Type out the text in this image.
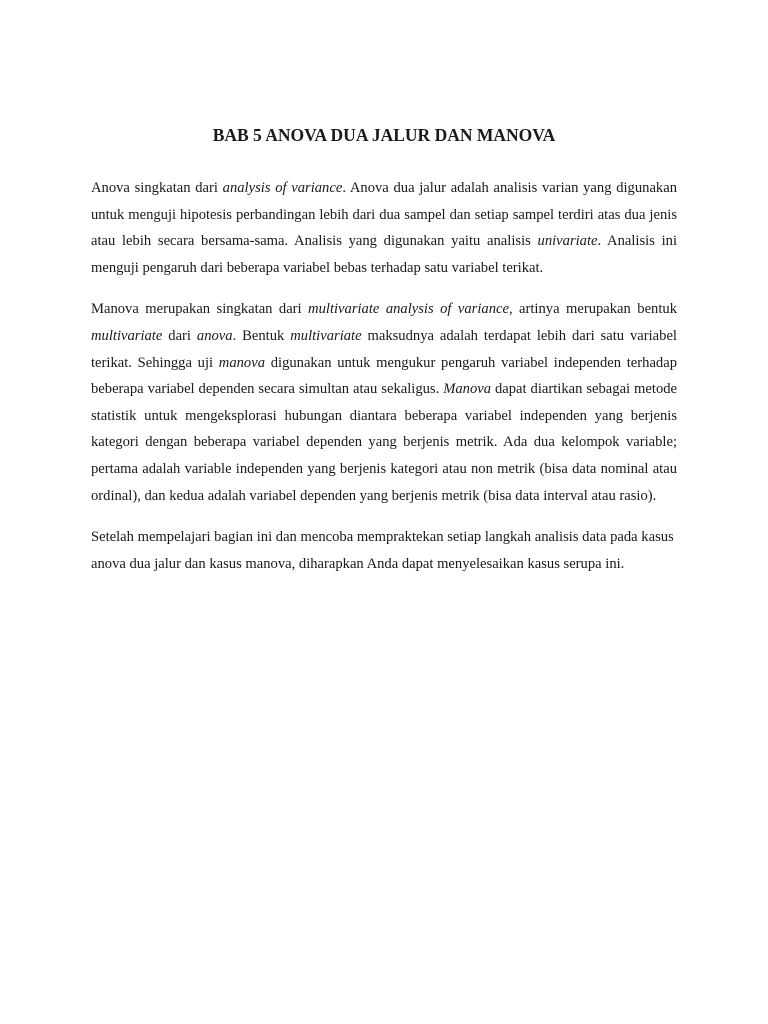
BAB 5 ANOVA DUA JALUR DAN MANOVA

Anova singkatan dari analysis of variance. Anova dua jalur adalah analisis varian yang digunakan untuk menguji hipotesis perbandingan lebih dari dua sampel dan setiap sampel terdiri atas dua jenis atau lebih secara bersama-sama. Analisis yang digunakan yaitu analisis univariate. Analisis ini menguji pengaruh dari beberapa variabel bebas terhadap satu variabel terikat.

Manova merupakan singkatan dari multivariate analysis of variance, artinya merupakan bentuk multivariate dari anova. Bentuk multivariate maksudnya adalah terdapat lebih dari satu variabel terikat. Sehingga uji manova digunakan untuk mengukur pengaruh variabel independen terhadap beberapa variabel dependen secara simultan atau sekaligus. Manova dapat diartikan sebagai metode statistik untuk mengeksplorasi hubungan diantara beberapa variabel independen yang berjenis kategori dengan beberapa variabel dependen yang berjenis metrik. Ada dua kelompok variable; pertama adalah variable independen yang berjenis kategori atau non metrik (bisa data nominal atau ordinal), dan kedua adalah variabel dependen yang berjenis metrik (bisa data interval atau rasio).

Setelah mempelajari bagian ini dan mencoba mempraktekan setiap langkah analisis data pada kasus anova dua jalur dan kasus manova, diharapkan Anda dapat menyelesaikan kasus serupa ini.
